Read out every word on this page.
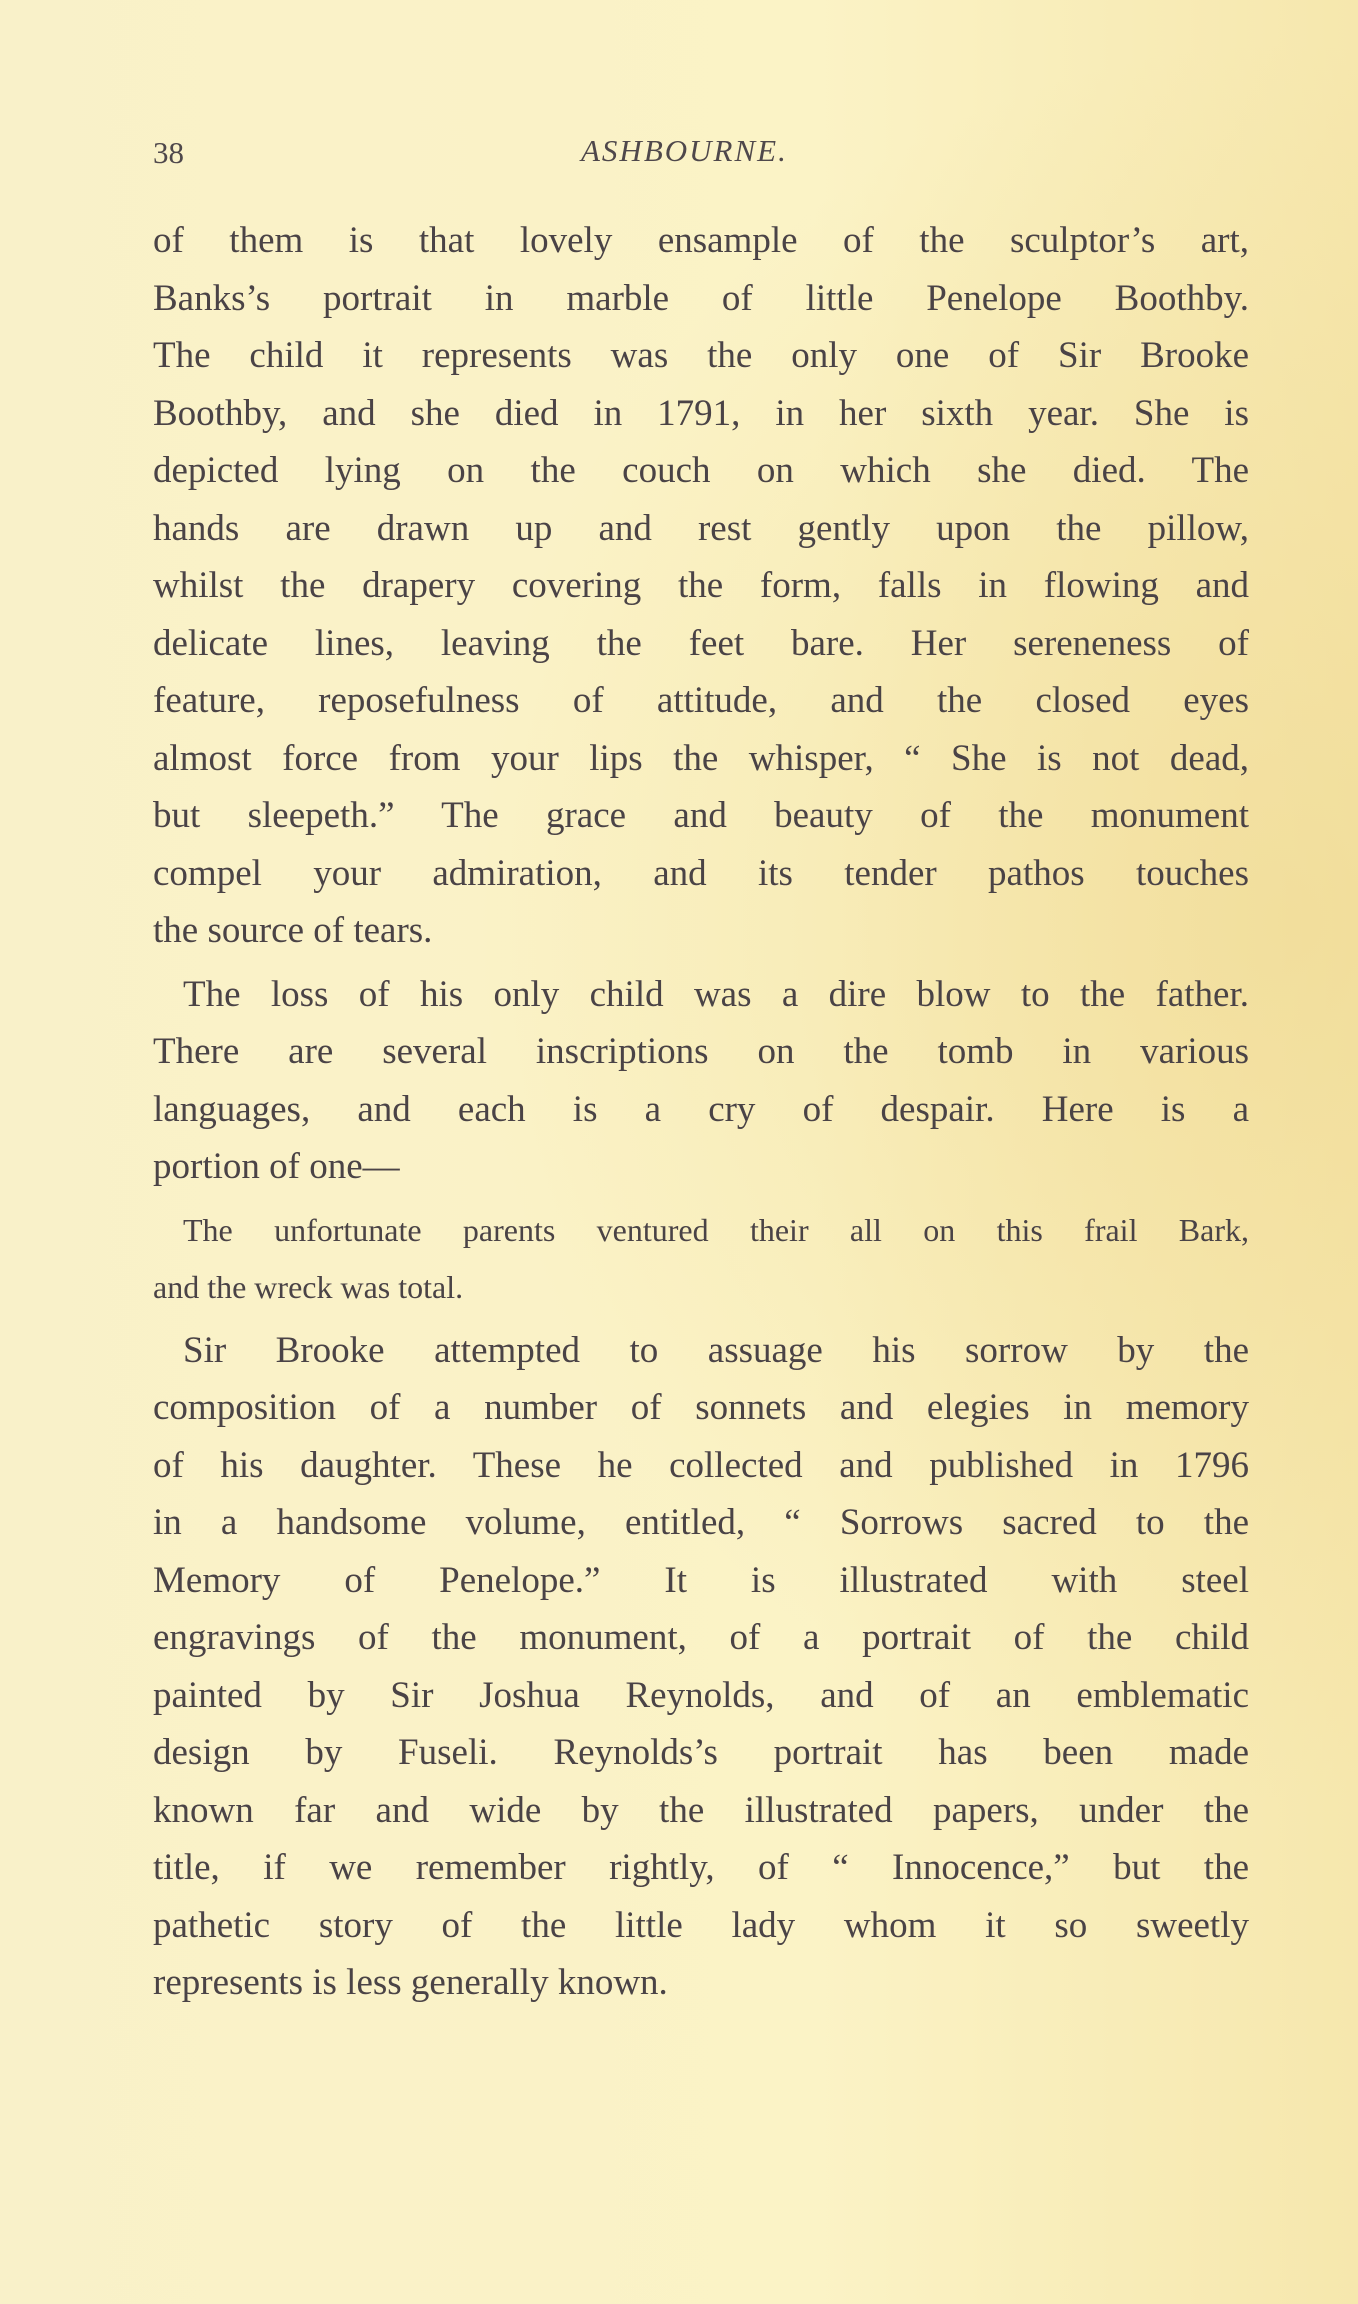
38	ASHBOURNE.
of them is that lovely ensample of the sculptor’s art,
Banks’s portrait in marble of little Penelope Boothby.
The child it represents was the only one of Sir Brooke
Boothby, and she died in 1791, in her sixth year. She is
depicted lying on the couch on which she died. The
hands are drawn up and rest gently upon the pillow,
whilst the drapery covering the form, falls in flowing and
delicate lines, leaving the feet bare. Her sereneness of
feature, reposefulness of attitude, and the closed eyes
almost force from your lips the whisper, “ She is not dead,
but sleepeth.” The grace and beauty of the monument
compel your admiration, and its tender pathos touches
the source of tears.
The loss of his only child was a dire blow to the father.
There are several inscriptions on the tomb in various
languages, and each is a cry of despair. Here is a
portion of one—
The unfortunate parents ventured their all on this frail Bark,
and the wreck was total.
Sir Brooke attempted to assuage his sorrow by the
composition of a number of sonnets and elegies in memory
of his daughter. These he collected and published in 1796
in a handsome volume, entitled, “ Sorrows sacred to the
Memory of Penelope.” It is illustrated with steel
engravings of the monument, of a portrait of the child
painted by Sir Joshua Reynolds, and of an emblematic
design by Fuseli. Reynolds’s portrait has been made
known far and wide by the illustrated papers, under the
title, if we remember rightly, of “ Innocence,” but the
pathetic story of the little lady whom it so sweetly
represents is less generally known.
